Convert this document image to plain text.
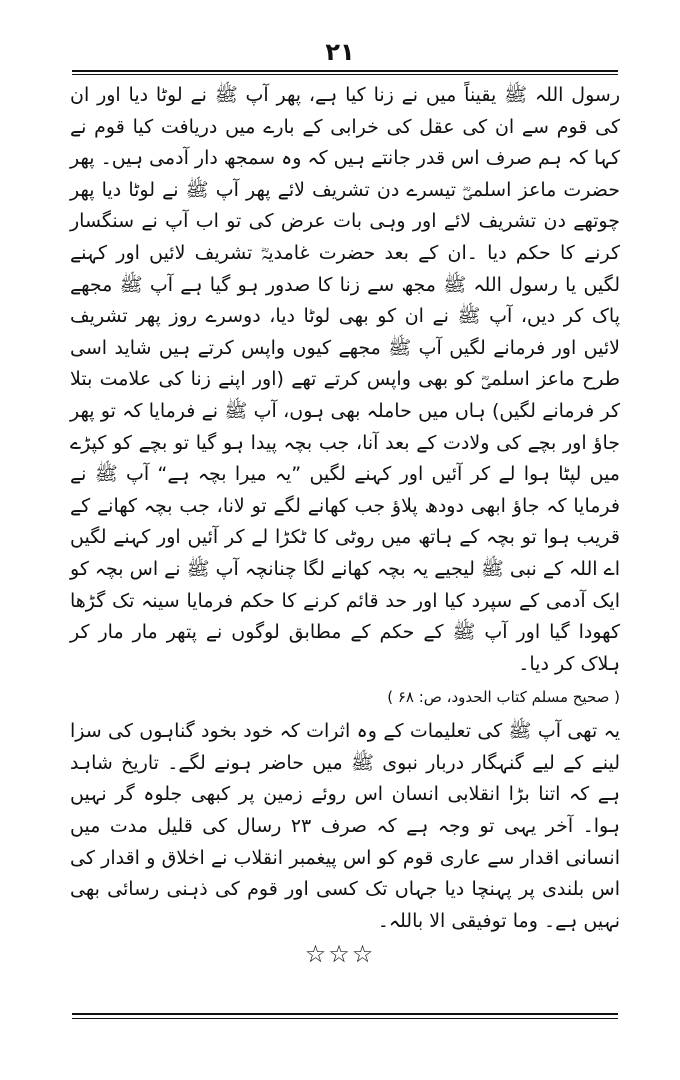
۲۱

رسول اللہ ﷺ یقیناً میں نے زنا کیا ہے، پھر آپ ﷺ نے لوٹا دیا اور ان کی قوم سے ان کی عقل کی خرابی کے بارے میں دریافت کیا قوم نے کہا کہ ہم صرف اس قدر جانتے ہیں کہ وہ سمجھ دار آدمی ہیں۔ پھر حضرت ماعز اسلمیؓ تیسرے دن تشریف لائے پھر آپ ﷺ نے لوٹا دیا پھر چوتھے دن تشریف لائے اور وہی بات عرض کی تو اب آپ نے سنگسار کرنے کا حکم دیا ۔ان کے بعد حضرت غامدیہؓ تشریف لائیں اور کہنے لگیں یا رسول اللہ ﷺ مجھ سے زنا کا صدور ہو گیا ہے آپ ﷺ مجھے پاک کر دیں، آپ ﷺ نے ان کو بھی لوٹا دیا، دوسرے روز پھر تشریف لائیں اور فرمانے لگیں آپ ﷺ مجھے کیوں واپس کرتے ہیں شاید اسی طرح ماعز اسلمیؓ کو بھی واپس کرتے تھے (اور اپنے زنا کی علامت بتلا کر فرمانے لگیں) ہاں میں حاملہ بھی ہوں، آپ ﷺ نے فرمایا کہ تو پھر جاؤ اور بچے کی ولادت کے بعد آنا، جب بچہ پیدا ہو گیا تو بچے کو کپڑے میں لپٹا ہوا لے کر آئیں اور کہنے لگیں ”یہ میرا بچہ ہے“ آپ ﷺ نے فرمایا کہ جاؤ ابھی دودھ پلاؤ جب کھانے لگے تو لانا، جب بچہ کھانے کے قریب ہوا تو بچہ کے ہاتھ میں روٹی کا ٹکڑا لے کر آئیں اور کہنے لگیں اے اللہ کے نبی ﷺ لیجیے یہ بچہ کھانے لگا چنانچہ آپ ﷺ نے اس بچہ کو ایک آدمی کے سپرد کیا اور حد قائم کرنے کا حکم فرمایا سینہ تک گڑھا کھودا گیا اور آپ ﷺ کے حکم کے مطابق لوگوں نے پتھر مار مار کر ہلاک کر دیا۔

( صحیح مسلم کتاب الحدود، ص: ۶۸ )

یہ تھی آپ ﷺ کی تعلیمات کے وہ اثرات کہ خود بخود گناہوں کی سزا لینے کے لیے گنہگار دربار نبوی ﷺ میں حاضر ہونے لگے۔ تاریخ شاہد ہے کہ اتنا بڑا انقلابی انسان اس روئے زمین پر کبھی جلوہ گر نہیں ہوا۔ آخر یہی تو وجہ ہے کہ صرف ۲۳ رسال کی قلیل مدت میں انسانی اقدار سے عاری قوم کو اس پیغمبر انقلاب نے اخلاق و اقدار کی اس بلندی پر پہنچا دیا جہاں تک کسی اور قوم کی ذہنی رسائی بھی نہیں ہے۔ وما توفیقی الا باللہ۔

☆☆☆
